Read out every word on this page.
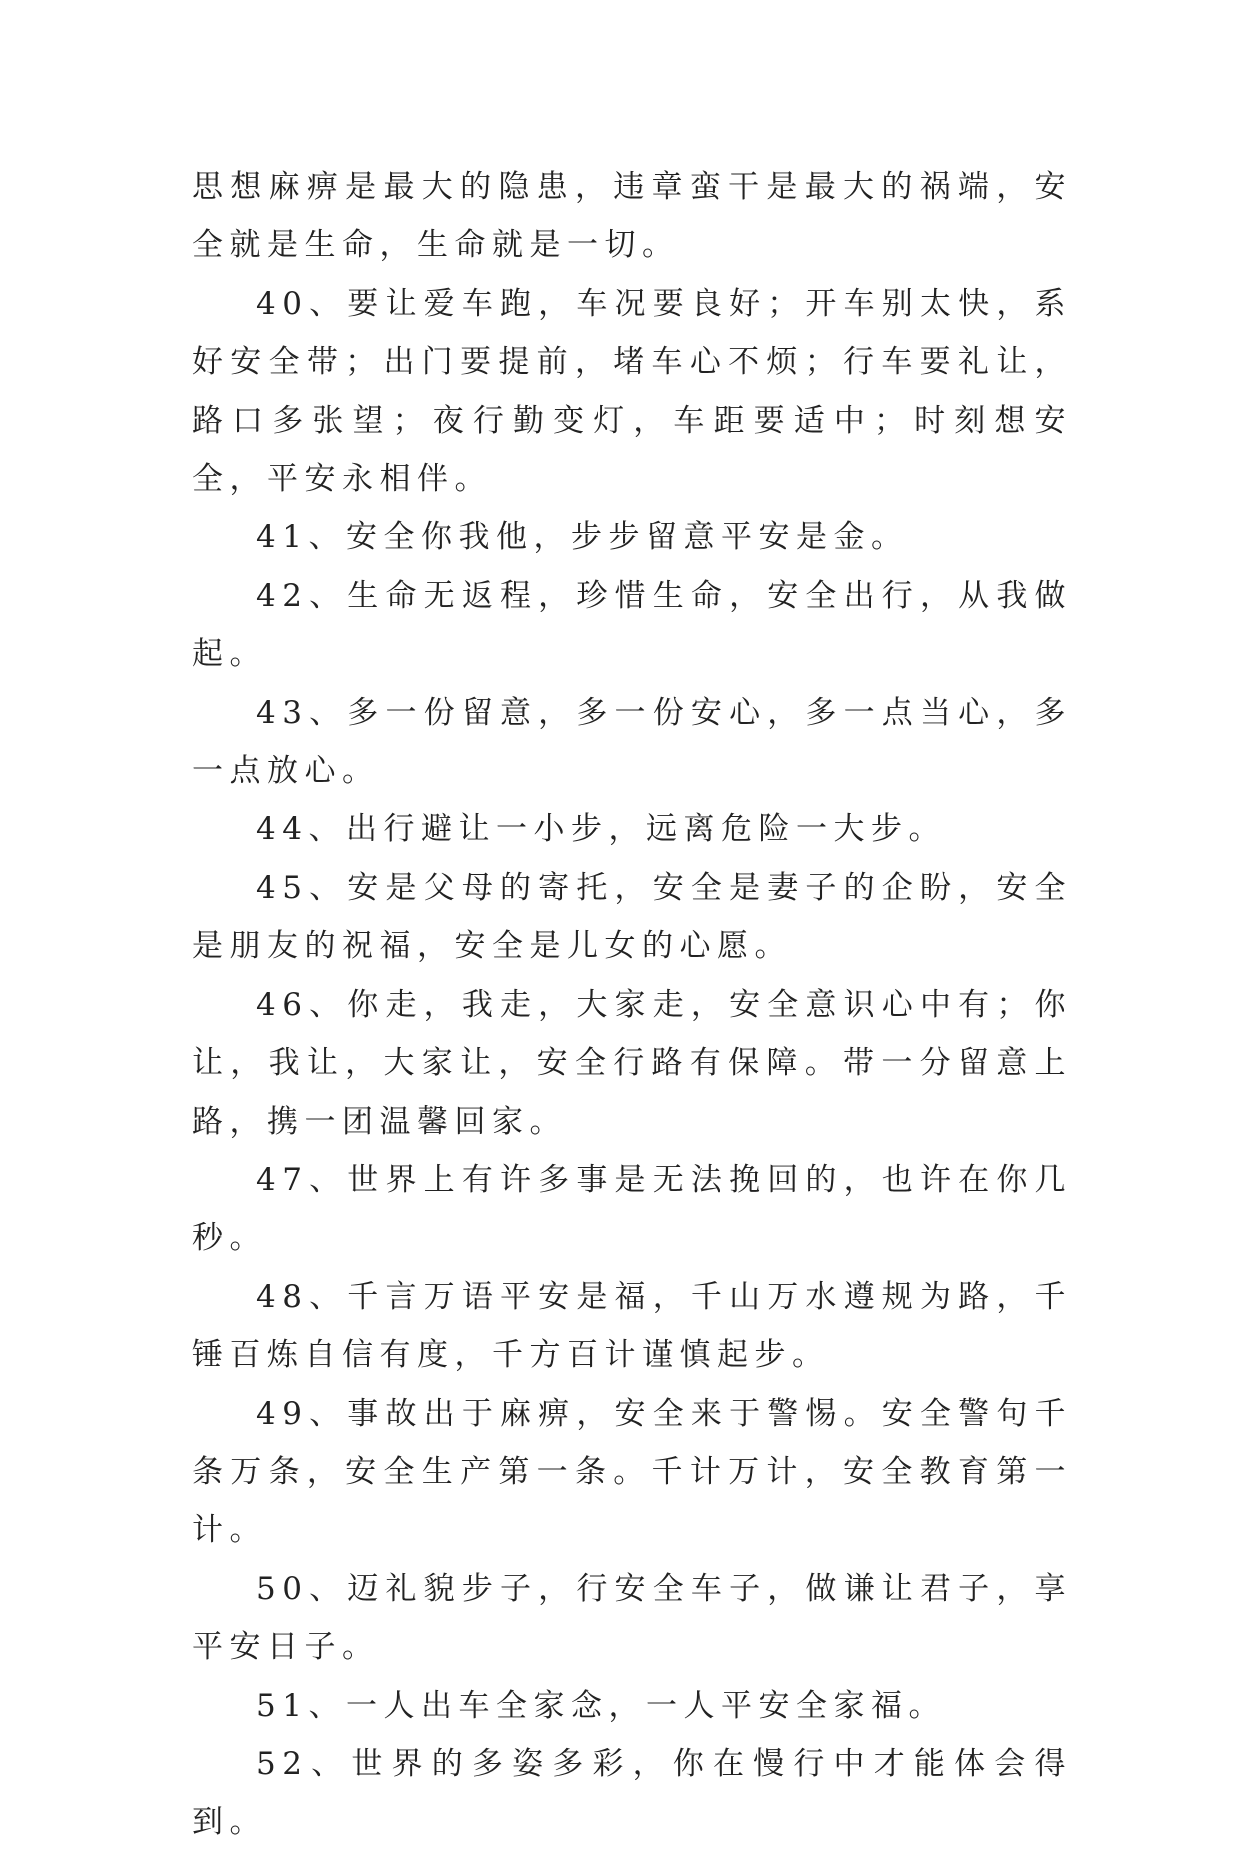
思想麻痹是最大的隐患，违章蛮干是最大的祸端，安全就是生命，生命就是一切。

40、要让爱车跑，车况要良好；开车别太快，系好安全带；出门要提前，堵车心不烦；行车要礼让，路口多张望；夜行勤变灯，车距要适中；时刻想安全，平安永相伴。

41、安全你我他，步步留意平安是金。

42、生命无返程，珍惜生命，安全出行，从我做起。

43、多一份留意，多一份安心，多一点当心，多一点放心。

44、出行避让一小步，远离危险一大步。

45、安是父母的寄托，安全是妻子的企盼，安全是朋友的祝福，安全是儿女的心愿。

46、你走，我走，大家走，安全意识心中有；你让，我让，大家让，安全行路有保障。带一分留意上路，携一团温馨回家。

47、世界上有许多事是无法挽回的，也许在你几秒。

48、千言万语平安是福，千山万水遵规为路，千锤百炼自信有度，千方百计谨慎起步。

49、事故出于麻痹，安全来于警惕。安全警句千条万条，安全生产第一条。千计万计，安全教育第一计。

50、迈礼貌步子，行安全车子，做谦让君子，享平安日子。

51、一人出车全家念，一人平安全家福。

52、世界的多姿多彩，你在慢行中才能体会得到。
